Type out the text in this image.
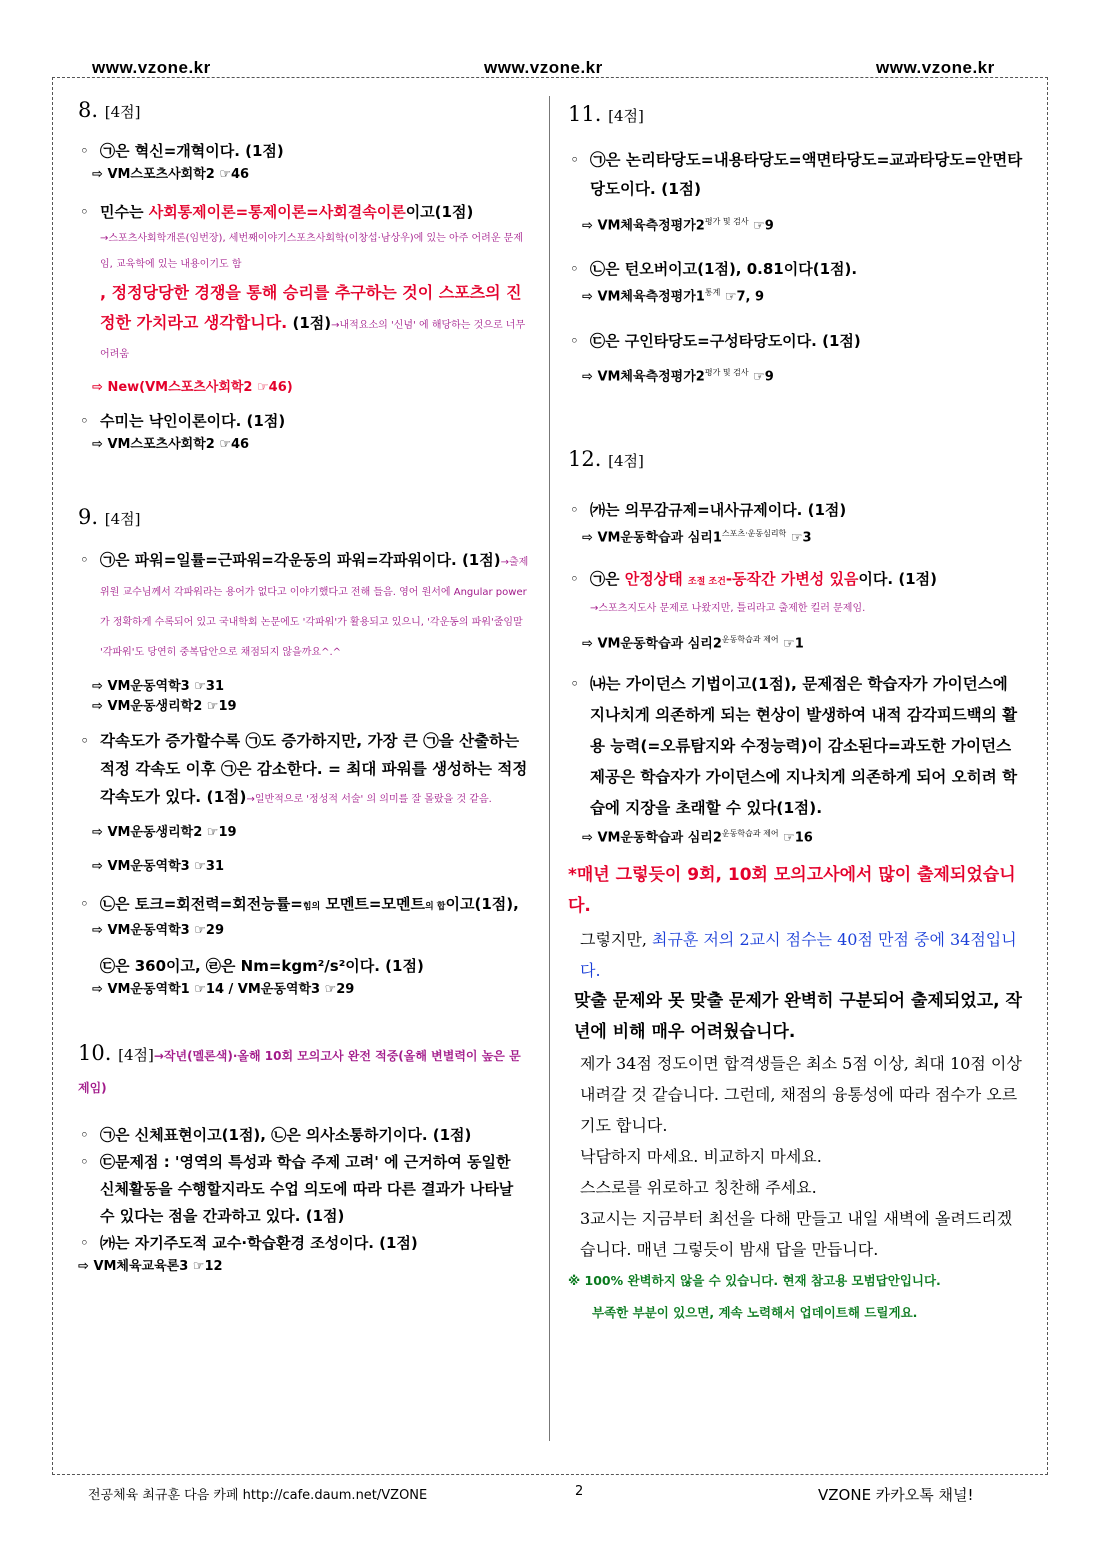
www.vzone.kr	www.vzone.kr	www.vzone.kr

8. [4점]

◦ ㉠은 혁신=개혁이다. (1점)
⇨ VM스포츠사회학2 ☞46
◦ 민수는 사회통제이론=통제이론=사회결속이론이고(1점)
→스포츠사회학개론(임번장), 세번째이야기스포츠사회학(이창섭·남상우)에 있는 아주 어려운 문제임, 교육학에 있는 내용이기도 함
, 정정당당한 경쟁을 통해 승리를 추구하는 것이 스포츠의 진정한 가치라고 생각합니다. (1점)→내적요소의 '신념' 에 해당하는 것으로 너무 어려움
⇨ New(VM스포츠사회학2 ☞46)
◦ 수미는 낙인이론이다. (1점)
⇨ VM스포츠사회학2 ☞46

9. [4점]

◦ ㉠은 파워=일률=근파워=각운동의 파워=각파워이다. (1점)→출제위원 교수님께서 각파워라는 용어가 없다고 이야기했다고 전해 들음. 영어 원서에 Angular power가 정확하게 수록되어 있고 국내학회 논문에도 '각파워'가 활용되고 있으니, '각운동의 파워'줄임말 '각파워'도 당연히 중복답안으로 채점되지 않을까요^.^
⇨ VM운동역학3 ☞31
⇨ VM운동생리학2 ☞19
◦ 각속도가 증가할수록 ㉠도 증가하지만, 가장 큰 ㉠을 산출하는 적정 각속도 이후 ㉠은 감소한다. = 최대 파워를 생성하는 적정 각속도가 있다. (1점)→일반적으로 '정성적 서술' 의 의미를 잘 몰랐을 것 같음.
⇨ VM운동생리학2 ☞19
⇨ VM운동역학3 ☞31
◦ ㉡은 토크=회전력=회전능률=힘의 모멘트=모멘트의 합이고(1점),
⇨ VM운동역학3 ☞29
㉢은 360이고, ㉣은 Nm=kgm²/s²이다. (1점)
⇨ VM운동역학1 ☞14 / VM운동역학3 ☞29

10. [4점]→작년(멜론색)·올해 10회 모의고사 완전 적중(올해 변별력이 높은 문제임)

◦ ㉠은 신체표현이고(1점), ㉡은 의사소통하기이다. (1점)
◦ ㉢문제점 : '영역의 특성과 학습 주제 고려' 에 근거하여 동일한 신체활동을 수행할지라도 수업 의도에 따라 다른 결과가 나타날 수 있다는 점을 간과하고 있다. (1점)
◦ ㈎는 자기주도적 교수·학습환경 조성이다. (1점)
⇨ VM체육교육론3 ☞12

11. [4점]

◦ ㉠은 논리타당도=내용타당도=액면타당도=교과타당도=안면타당도이다. (1점)
⇨ VM체육측정평가$2^{평가 및 검사}$ ☞9
◦ ㉡은 턴오버이고(1점), 0.81이다(1점).
⇨ VM체육측정평가$1^{통계}$ ☞7, 9
◦ ㉢은 구인타당도=구성타당도이다. (1점)
⇨ VM체육측정평가$2^{평가 및 검사}$ ☞9

12. [4점]

◦ ㈎는 의무감규제=내사규제이다. (1점)
⇨ VM운동학습과 심리$1^{스포츠\cdot 운동심리학}$ ☞3
◦ ㉠은 안정상태 조절 조건-동작간 가변성 있음이다. (1점)
→스포츠지도사 문제로 나왔지만, 틀리라고 출제한 킬러 문제임.
⇨ VM운동학습과 심리$2^{운동학습과 제어}$ ☞1
◦ ㈏는 가이던스 기법이고(1점), 문제점은 학습자가 가이던스에 지나치게 의존하게 되는 현상이 발생하여 내적 감각피드백의 활용 능력(=오류탐지와 수정능력)이 감소된다=과도한 가이던스 제공은 학습자가 가이던스에 지나치게 의존하게 되어 오히려 학습에 지장을 초래할 수 있다(1점).
⇨ VM운동학습과 심리$2^{운동학습과 제어}$ ☞16
*매년 그렇듯이 9회, 10회 모의고사에서 많이 출제되었습니다.
그렇지만, 최규훈 저의 2교시 점수는 40점 만점 중에 34점입니다.
맞출 문제와 못 맞출 문제가 완벽히 구분되어 출제되었고, 작년에 비해 매우 어려웠습니다.
제가 34점 정도이면 합격생들은 최소 5점 이상, 최대 10점 이상 내려갈 것 같습니다. 그런데, 채점의 융통성에 따라 점수가 오르기도 합니다.
낙담하지 마세요. 비교하지 마세요.
스스로를 위로하고 칭찬해 주세요.
3교시는 지금부터 최선을 다해 만들고 내일 새벽에 올려드리겠습니다. 매년 그렇듯이 밤새 답을 만듭니다.
※ 100% 완벽하지 않을 수 있습니다. 현재 참고용 모범답안입니다.
부족한 부분이 있으면, 계속 노력해서 업데이트해 드릴게요.
전공체육 최규훈 다음 카페 http://cafe.daum.net/VZONE	2	VZONE 카카오톡 채널!
